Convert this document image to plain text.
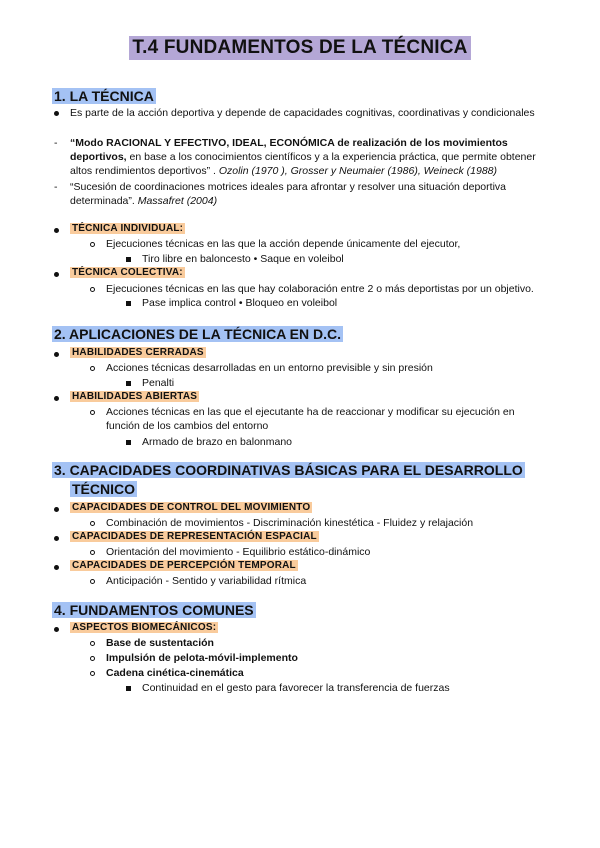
T.4 FUNDAMENTOS DE LA TÉCNICA
1. LA TÉCNICA
Es parte de la acción deportiva y depende de capacidades cognitivas, coordinativas y condicionales
- “Modo RACIONAL Y EFECTIVO, IDEAL, ECONÓMICA de realización de los movimientos
deportivos, en base a los conocimientos científicos y a la experiencia práctica, que permite obtener
altos rendimientos deportivos” . Ozolin (1970 ), Grosser y Neumaier (1986), Weineck (1988)
- “Sucesión de coordinaciones motrices ideales para afrontar y resolver una situación deportiva
determinada”. Massafret (2004)
TÉCNICA INDIVIDUAL:
Ejecuciones técnicas en las que la acción depende únicamente del ejecutor,
Tiro libre en baloncesto • Saque en voleibol
TÉCNICA COLECTIVA:
Ejecuciones técnicas en las que hay colaboración entre 2 o más deportistas por un objetivo.
Pase implica control • Bloqueo en voleibol
2. APLICACIONES DE LA TÉCNICA EN D.C.
HABILIDADES CERRADAS
Acciones técnicas desarrolladas en un entorno previsible y sin presión
Penalti
HABILIDADES ABIERTAS
Acciones técnicas en las que el ejecutante ha de reaccionar y modificar su ejecución en
función de los cambios del entorno
Armado de brazo en balonmano
3. CAPACIDADES COORDINATIVAS BÁSICAS PARA EL DESARROLLO
TÉCNICO
CAPACIDADES DE CONTROL DEL MOVIMIENTO
Combinación de movimientos - Discriminación kinestética - Fluidez y relajación
CAPACIDADES DE REPRESENTACIÓN ESPACIAL
Orientación del movimiento - Equilibrio estático-dinámico
CAPACIDADES DE PERCEPCIÓN TEMPORAL
Anticipación - Sentido y variabilidad rítmica
4. FUNDAMENTOS COMUNES
ASPECTOS BIOMECÁNICOS:
Base de sustentación
Impulsión de pelota-móvil-implemento
Cadena cinética-cinemática
Continuidad en el gesto para favorecer la transferencia de fuerzas
